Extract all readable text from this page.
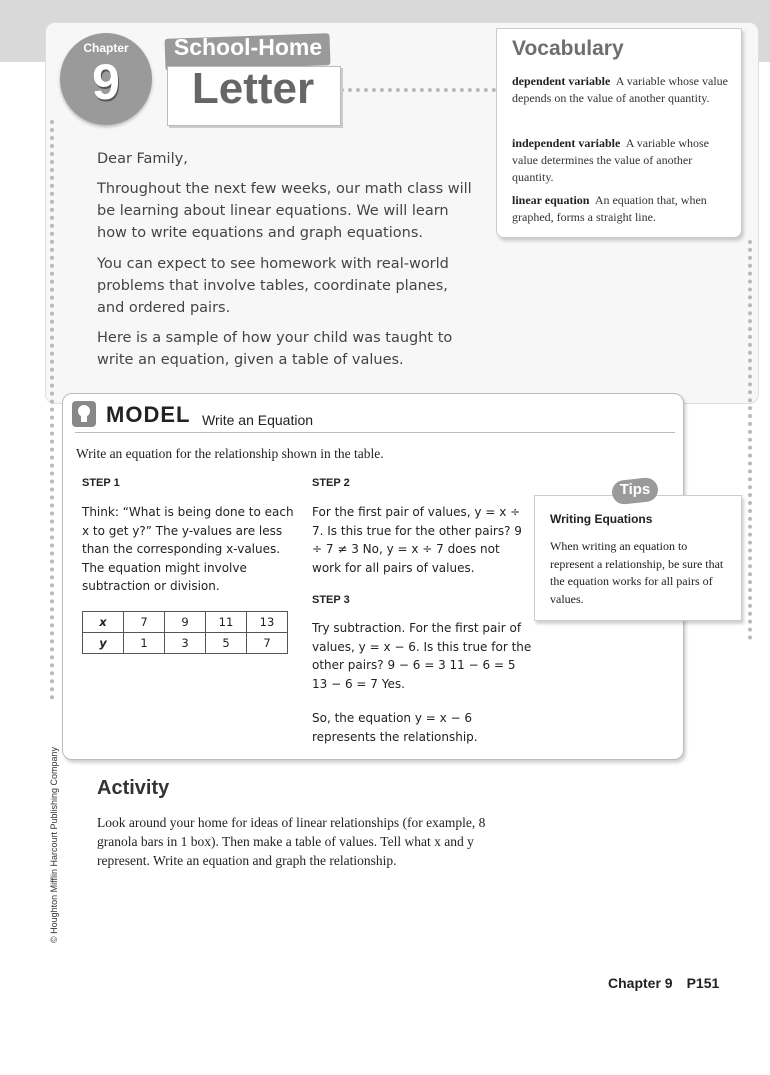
Chapter
9
School-Home
Letter
Vocabulary
dependent variable A variable whose value depends on the value of another quantity.
independent variable A variable whose value determines the value of another quantity.
linear equation An equation that, when graphed, forms a straight line.
Dear Family,
Throughout the next few weeks, our math class will be learning about linear equations. We will learn how to write equations and graph equations.
You can expect to see homework with real-world problems that involve tables, coordinate planes, and ordered pairs.
Here is a sample of how your child was taught to write an equation, given a table of values.
MODEL Write an Equation
Write an equation for the relationship shown in the table.
STEP 1
Think: “What is being done to each x to get y?” The y-values are less than the corresponding x-values. The equation might involve subtraction or division.
x	7	9	11	13
y	1	3	5	7
STEP 2
For the first pair of values, y = x ÷ 7. Is this true for the other pairs? 9 ÷ 7 ≠ 3 No, y = x ÷ 7 does not work for all pairs of values.
STEP 3
Try subtraction. For the first pair of values, y = x − 6. Is this true for the other pairs? 9 − 6 = 3 11 − 6 = 5 13 − 6 = 7 Yes.
So, the equation y = x − 6 represents the relationship.
Tips
Writing Equations
When writing an equation to represent a relationship, be sure that the equation works for all pairs of values.
Activity
Look around your home for ideas of linear relationships (for example, 8 granola bars in 1 box). Then make a table of values. Tell what x and y represent. Write an equation and graph the relationship.
© Houghton Mifflin Harcourt Publishing Company
Chapter 9 P151
